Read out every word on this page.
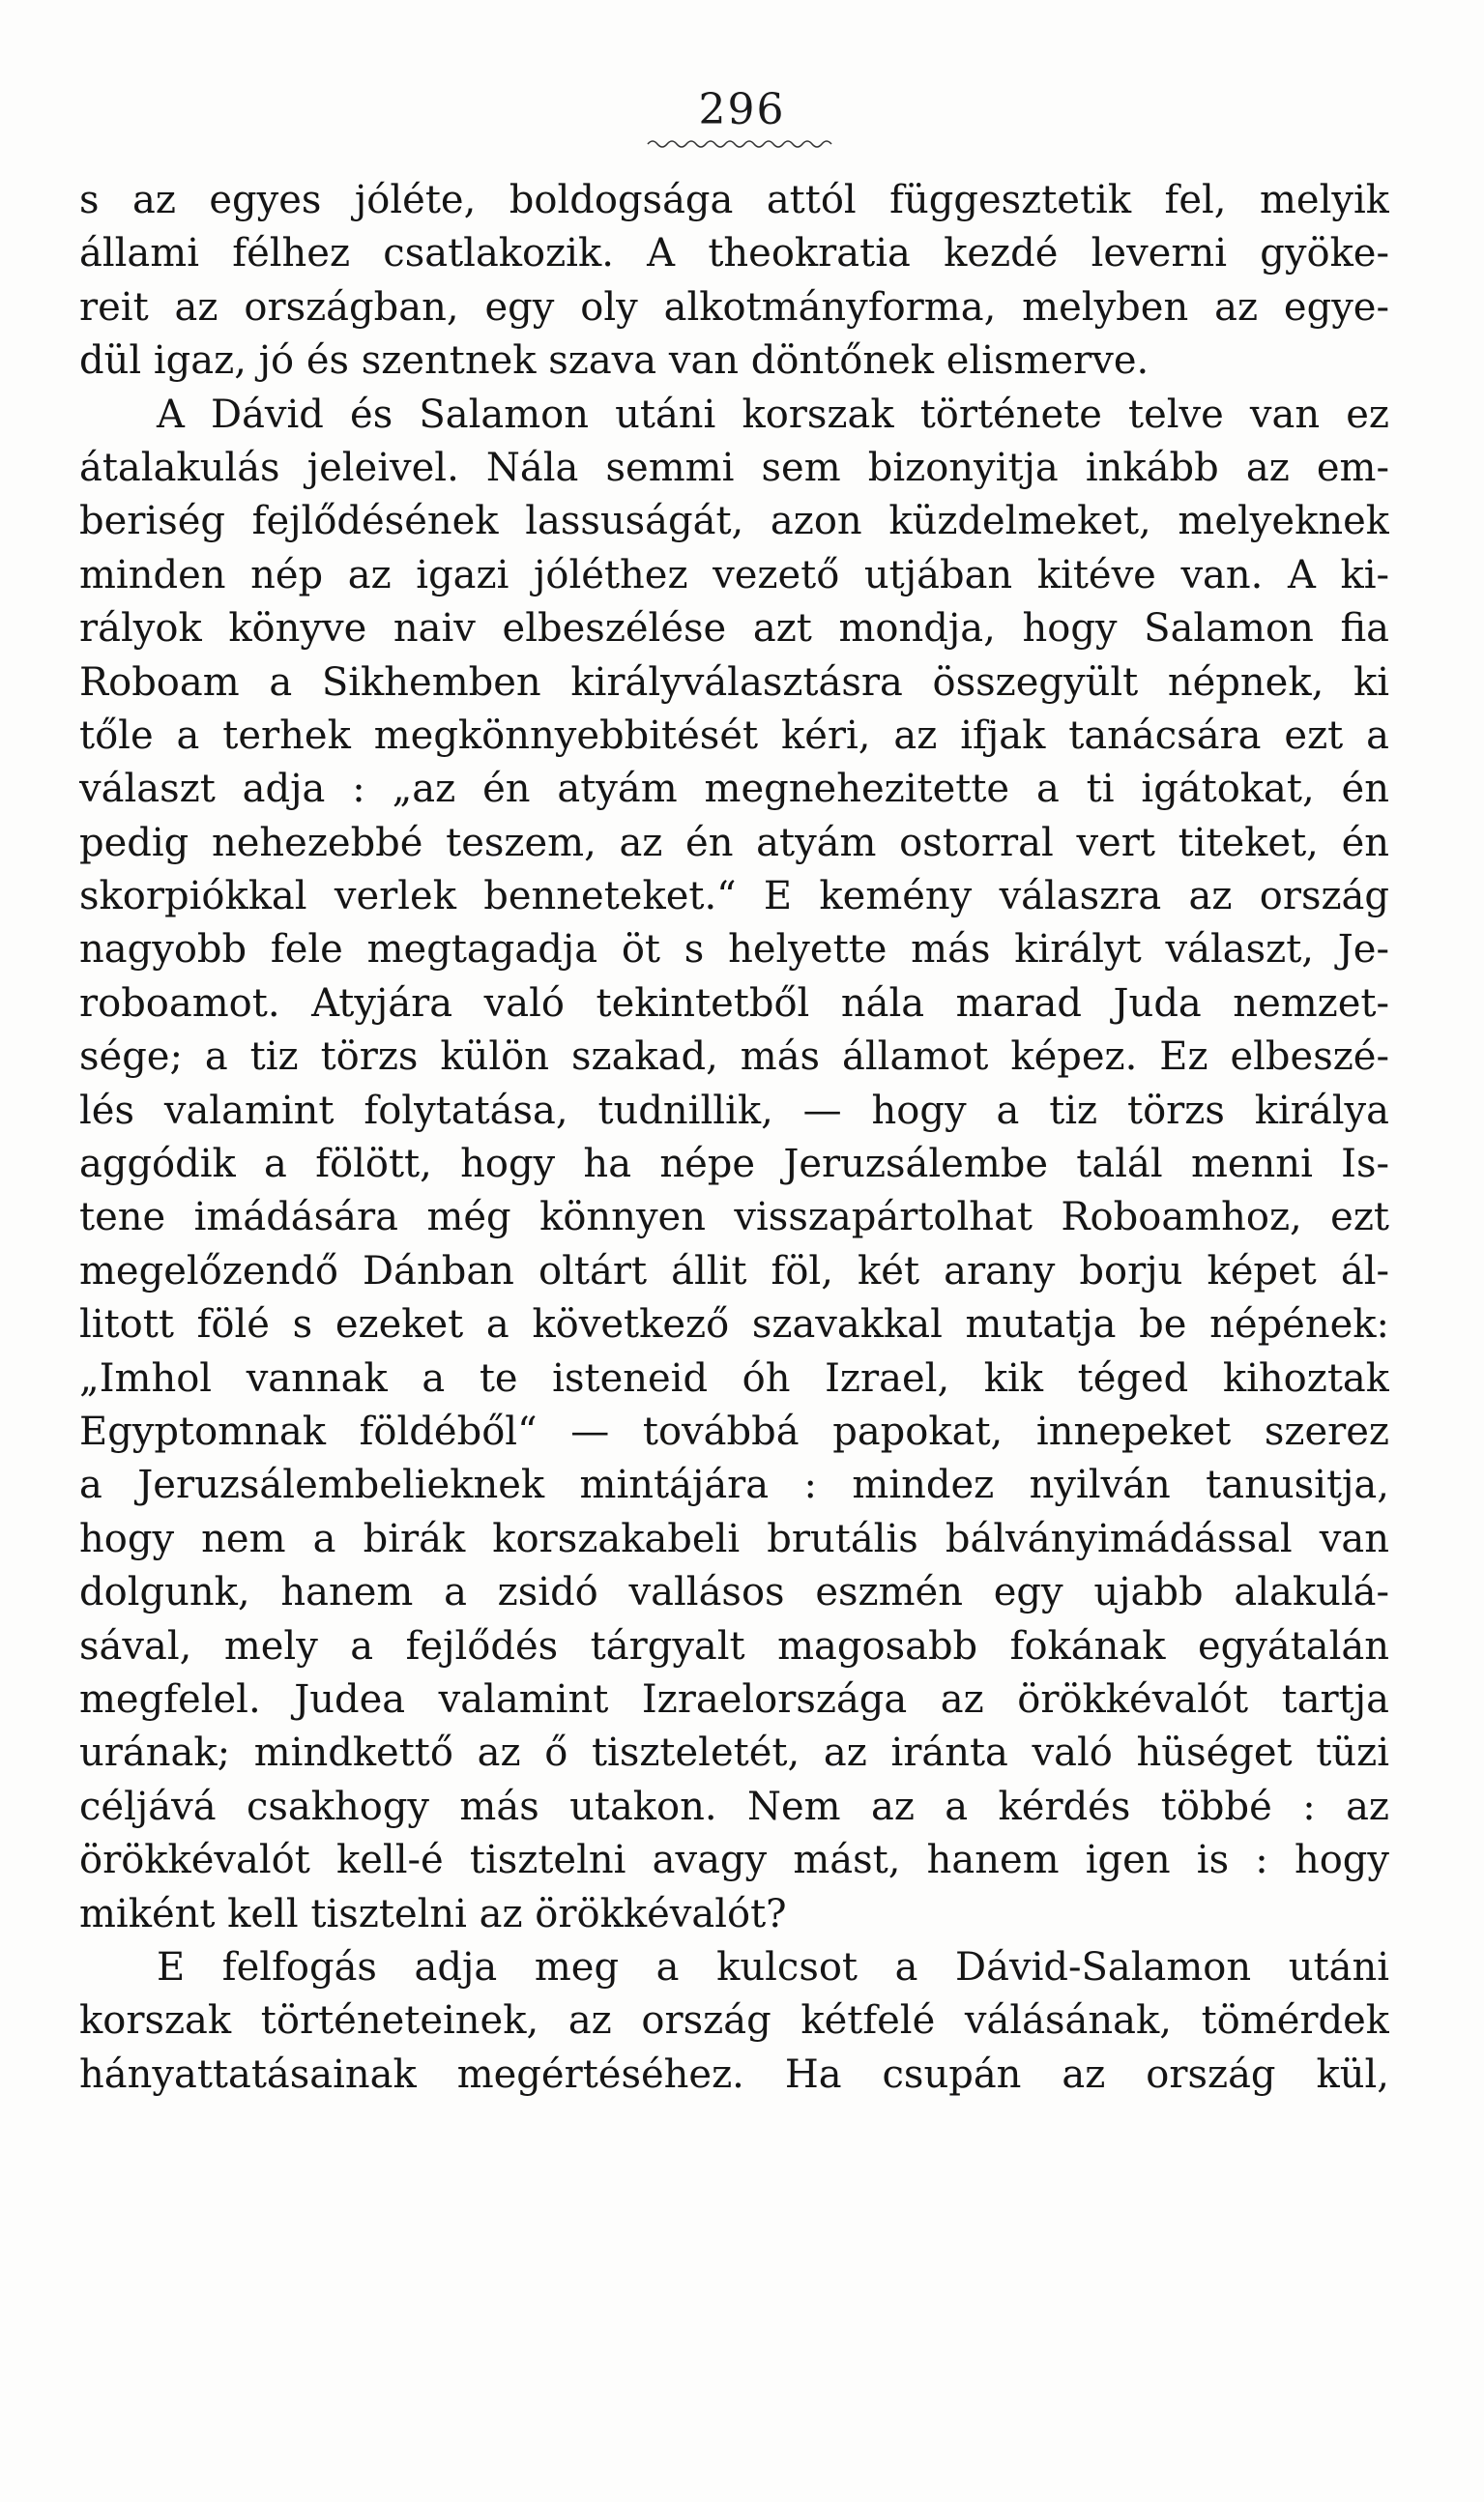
296
s az egyes jóléte, boldogsága attól függesztetik fel, melyik
állami félhez csatlakozik. A theokratia kezdé leverni gyöke-
reit az országban, egy oly alkotmányforma, melyben az egye-
dül igaz, jó és szentnek szava van döntőnek elismerve.
A Dávid és Salamon utáni korszak története telve van ez
átalakulás jeleivel. Nála semmi sem bizonyitja inkább az em-
beriség fejlődésének lassuságát, azon küzdelmeket, melyeknek
minden nép az igazi jóléthez vezető utjában kitéve van. A ki-
rályok könyve naiv elbeszélése azt mondja, hogy Salamon fia
Roboam a Sikhemben királyválasztásra összegyült népnek, ki
tőle a terhek megkönnyebbitését kéri, az ifjak tanácsára ezt a
választ adja : „az én atyám megnehezitette a ti igátokat, én
pedig nehezebbé teszem, az én atyám ostorral vert titeket, én
skorpiókkal verlek benneteket.“ E kemény válaszra az ország
nagyobb fele megtagadja öt s helyette más királyt választ, Je-
roboamot. Atyjára való tekintetből nála marad Juda nemzet-
sége; a tiz törzs külön szakad, más államot képez. Ez elbeszé-
lés valamint folytatása, tudnillik, — hogy a tiz törzs királya
aggódik a fölött, hogy ha népe Jeruzsálembe talál menni Is-
tene imádására még könnyen visszapártolhat Roboamhoz, ezt
megelőzendő Dánban oltárt állit föl, két arany borju képet ál-
litott fölé s ezeket a következő szavakkal mutatja be népének:
„Imhol vannak a te isteneid óh Izrael, kik téged kihoztak
Egyptomnak földéből“ — továbbá papokat, innepeket szerez
a Jeruzsálembelieknek mintájára : mindez nyilván tanusitja,
hogy nem a birák korszakabeli brutális bálványimádással van
dolgunk, hanem a zsidó vallásos eszmén egy ujabb alakulá-
sával, mely a fejlődés tárgyalt magosabb fokának egyátalán
megfelel. Judea valamint Izraelországa az örökkévalót tartja
urának; mindkettő az ő tiszteletét, az iránta való hüséget tüzi
céljává csakhogy más utakon. Nem az a kérdés többé : az
örökkévalót kell-é tisztelni avagy mást, hanem igen is : hogy
miként kell tisztelni az örökkévalót?
E felfogás adja meg a kulcsot a Dávid-Salamon utáni
korszak történeteinek, az ország kétfelé válásának, tömérdek
hányattatásainak megértéséhez. Ha csupán az ország kül,
